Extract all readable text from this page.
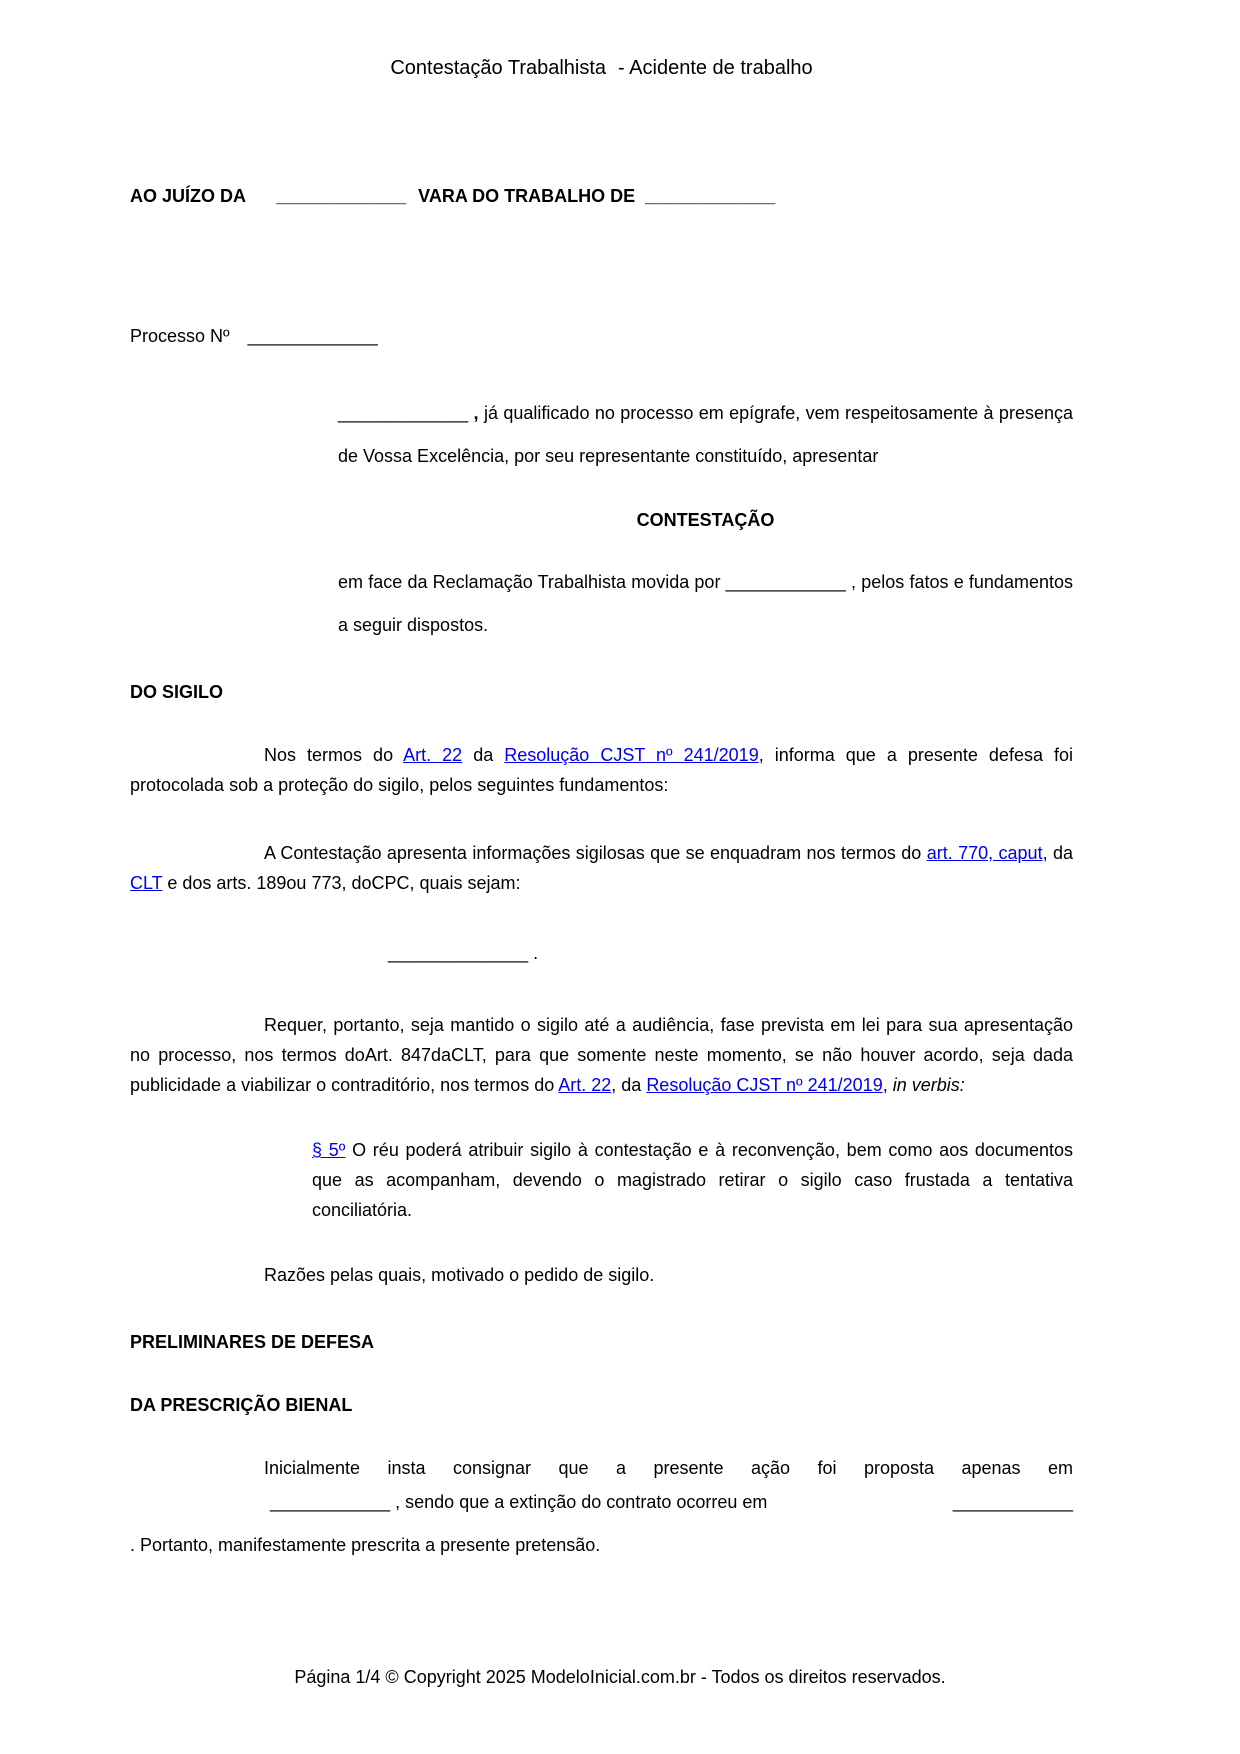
Contestação Trabalhista - Acidente de trabalho
AO JUÍZO DA _____________ VARA DO TRABALHO DE _____________
Processo Nº _____________
_____________ , já qualificado no processo em epígrafe, vem respeitosamente à presença de Vossa Excelência, por seu representante constituído, apresentar
CONTESTAÇÃO
em face da Reclamação Trabalhista movida por ____________ , pelos fatos e fundamentos a seguir dispostos.
DO SIGILO
Nos termos do Art. 22 da Resolução CJST nº 241/2019, informa que a presente defesa foi protocolada sob a proteção do sigilo, pelos seguintes fundamentos:
A Contestação apresenta informações sigilosas que se enquadram nos termos do art. 770, caput, da CLT e dos arts. 189ou 773, doCPC, quais sejam:
______________ .
Requer, portanto, seja mantido o sigilo até a audiência, fase prevista em lei para sua apresentação no processo, nos termos doArt. 847daCLT, para que somente neste momento, se não houver acordo, seja dada publicidade a viabilizar o contraditório, nos termos do Art. 22, da Resolução CJST nº 241/2019, in verbis:
§ 5º O réu poderá atribuir sigilo à contestação e à reconvenção, bem como aos documentos que as acompanham, devendo o magistrado retirar o sigilo caso frustada a tentativa conciliatória.
Razões pelas quais, motivado o pedido de sigilo.
PRELIMINARES DE DEFESA
DA PRESCRIÇÃO BIENAL
Inicialmente insta consignar que a presente ação foi proposta apenas em
____________ , sendo que a extinção do contrato ocorreu em	____________
. Portanto, manifestamente prescrita a presente pretensão.
Página 1/4 © Copyright 2025 ModeloInicial.com.br - Todos os direitos reservados.
